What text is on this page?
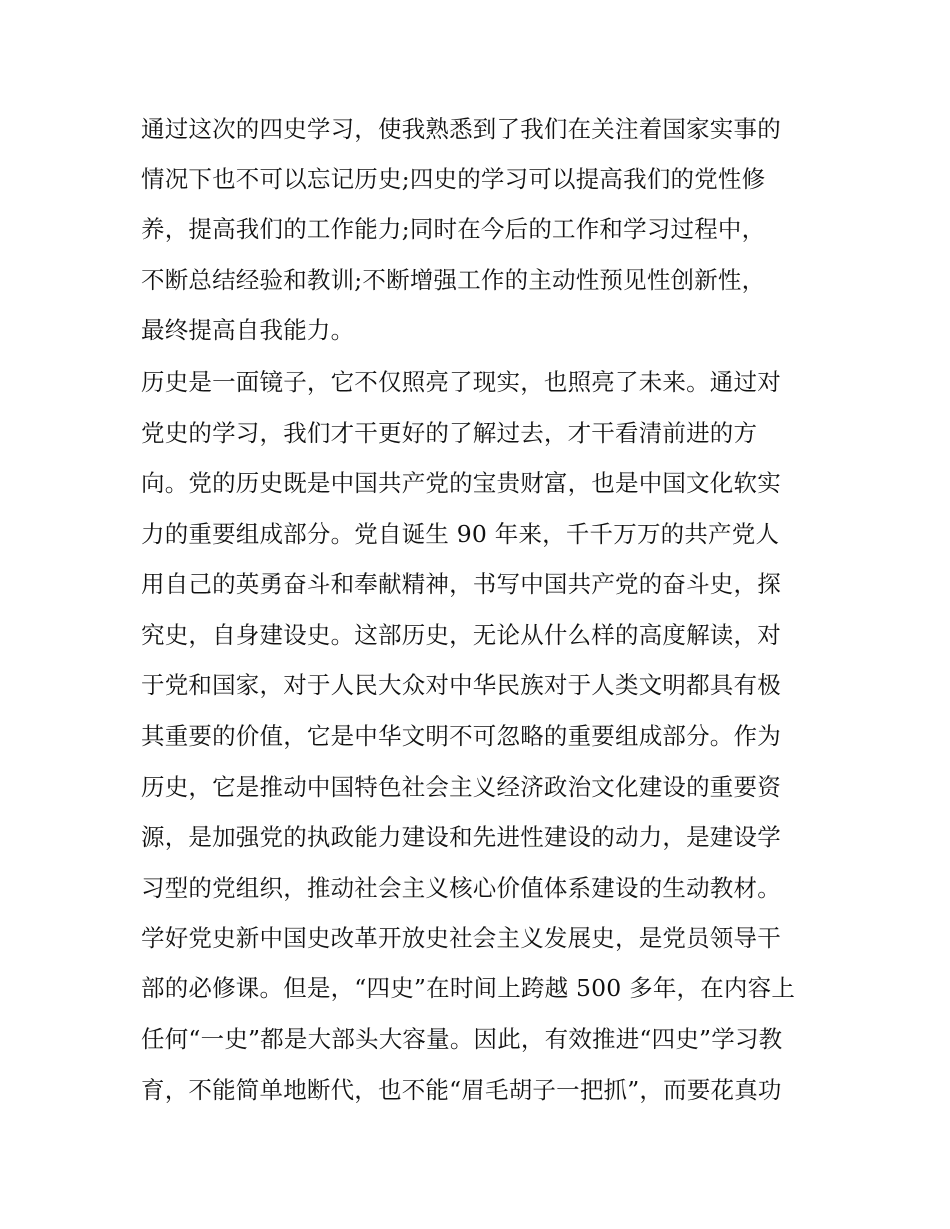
通过这次的四史学习，使我熟悉到了我们在关注着国家实事的
情况下也不可以忘记历史;四史的学习可以提高我们的党性修
养，提高我们的工作能力;同时在今后的工作和学习过程中，
不断总结经验和教训;不断增强工作的主动性预见性创新性，
最终提高自我能力。
历史是一面镜子，它不仅照亮了现实，也照亮了未来。通过对
党史的学习，我们才干更好的了解过去，才干看清前进的方
向。党的历史既是中国共产党的宝贵财富，也是中国文化软实
力的重要组成部分。党自诞生 90 年来，千千万万的共产党人
用自己的英勇奋斗和奉献精神，书写中国共产党的奋斗史，探
究史，自身建设史。这部历史，无论从什么样的高度解读，对
于党和国家，对于人民大众对中华民族对于人类文明都具有极
其重要的价值，它是中华文明不可忽略的重要组成部分。作为
历史，它是推动中国特色社会主义经济政治文化建设的重要资
源，是加强党的执政能力建设和先进性建设的动力，是建设学
习型的党组织，推动社会主义核心价值体系建设的生动教材。
学好党史新中国史改革开放史社会主义发展史，是党员领导干
部的必修课。但是，“四史”在时间上跨越 500 多年，在内容上
任何“一史”都是大部头大容量。因此，有效推进“四史”学习教
育，不能简单地断代，也不能“眉毛胡子一把抓”，而要花真功
